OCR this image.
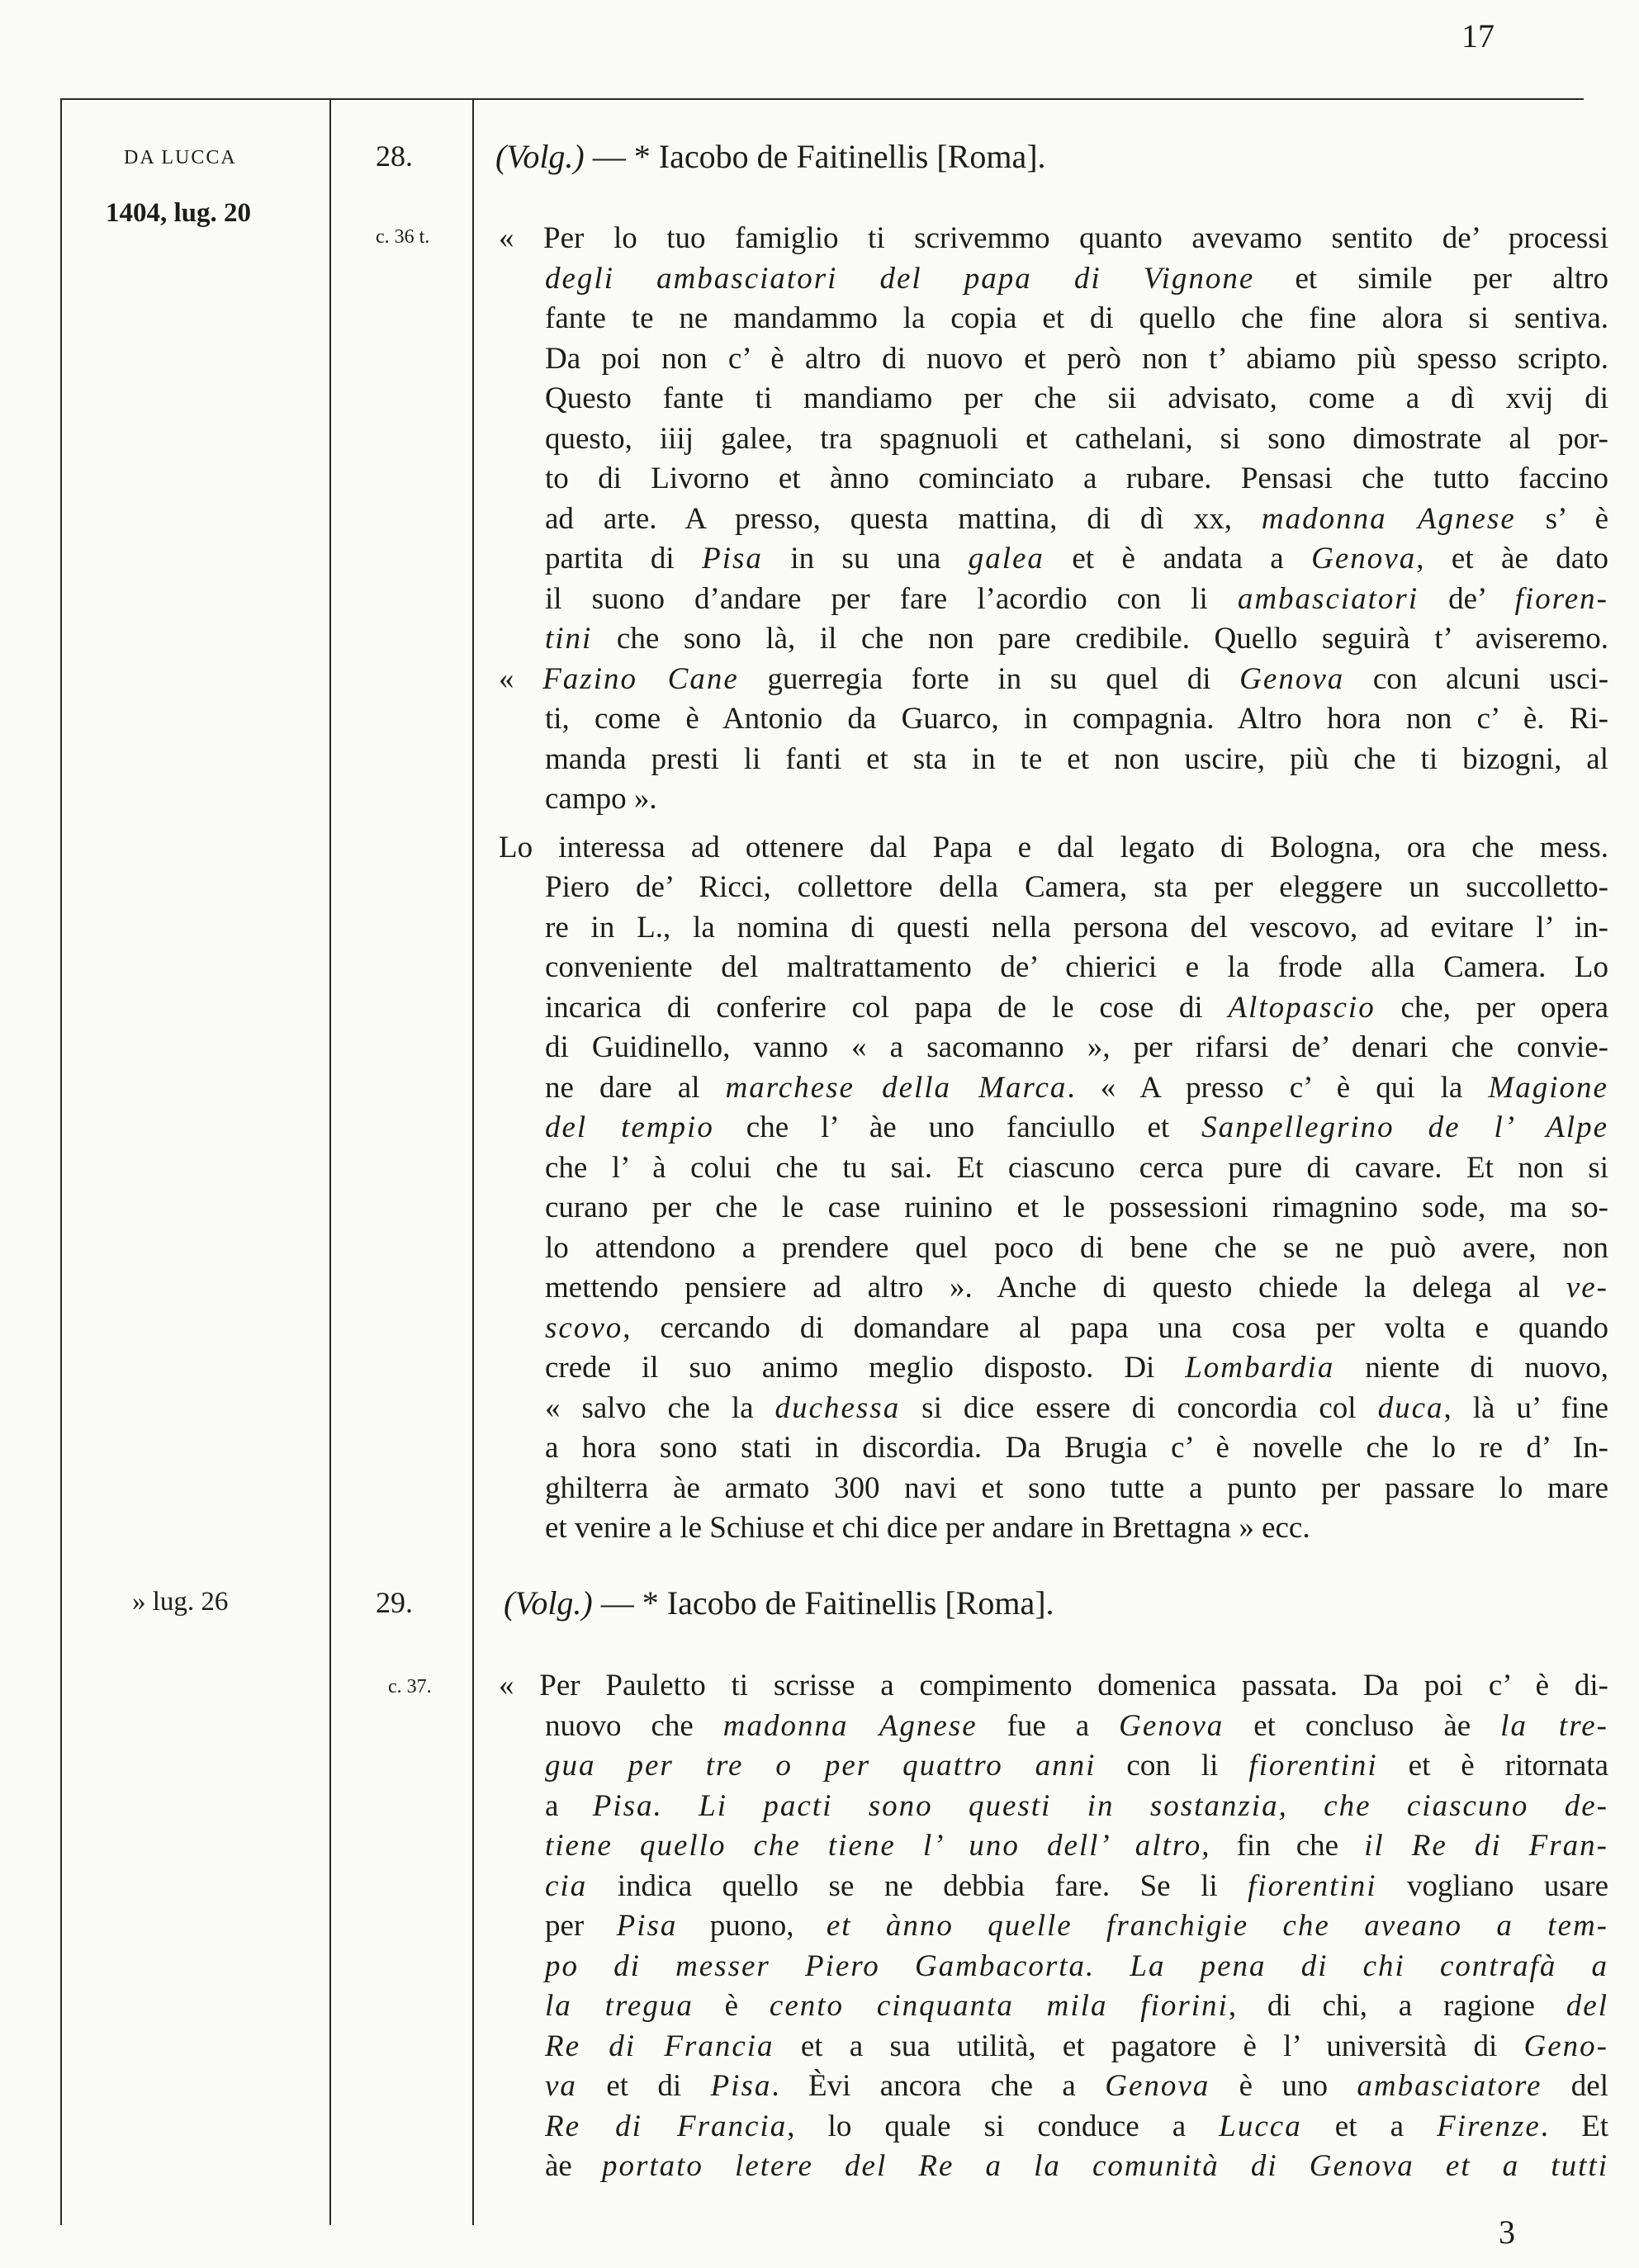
17
DA LUCCA
1404, lug. 20
28.
c. 36 t.
(Volg.) — * Iacobo de Faitinellis [Roma].
« Per lo tuo famiglio ti scrivemmo quanto avevamo sentito de’ processi
degli ambasciatori del papa di Vignone et simile per altro
fante te ne mandammo la copia et di quello che fine alora si sentiva.
Da poi non c’ è altro di nuovo et però non t’ abiamo più spesso scripto.
Questo fante ti mandiamo per che sii advisato, come a dì xvij di
questo, iiij galee, tra spagnuoli et cathelani, si sono dimostrate al por-
to di Livorno et ànno cominciato a rubare. Pensasi che tutto faccino
ad arte. A presso, questa mattina, di dì xx, madonna Agnese s’ è
partita di Pisa in su una galea et è andata a Genova, et àe dato
il suono d’andare per fare l’acordio con li ambasciatori de’ fioren-
tini che sono là, il che non pare credibile. Quello seguirà t’ aviseremo.
« Fazino Cane guerregia forte in su quel di Genova con alcuni usci-
ti, come è Antonio da Guarco, in compagnia. Altro hora non c’ è. Ri-
manda presti li fanti et sta in te et non uscire, più che ti bizogni, al
campo ».
Lo interessa ad ottenere dal Papa e dal legato di Bologna, ora che mess.
Piero de’ Ricci, collettore della Camera, sta per eleggere un succolletto-
re in L., la nomina di questi nella persona del vescovo, ad evitare l’ in-
conveniente del maltrattamento de’ chierici e la frode alla Camera. Lo
incarica di conferire col papa de le cose di Altopascio che, per opera
di Guidinello, vanno « a sacomanno », per rifarsi de’ denari che convie-
ne dare al marchese della Marca. « A presso c’ è qui la Magione
del tempio che l’ àe uno fanciullo et Sanpellegrino de l’ Alpe
che l’ à colui che tu sai. Et ciascuno cerca pure di cavare. Et non si
curano per che le case ruinino et le possessioni rimagnino sode, ma so-
lo attendono a prendere quel poco di bene che se ne può avere, non
mettendo pensiere ad altro ». Anche di questo chiede la delega al ve-
scovo, cercando di domandare al papa una cosa per volta e quando
crede il suo animo meglio disposto. Di Lombardia niente di nuovo,
« salvo che la duchessa si dice essere di concordia col duca, là u’ fine
a hora sono stati in discordia. Da Brugia c’ è novelle che lo re d’ In-
ghilterra àe armato 300 navi et sono tutte a punto per passare lo mare
et venire a le Schiuse et chi dice per andare in Brettagna » ecc.
» lug. 26	29.
c. 37.
(Volg.) — * Iacobo de Faitinellis [Roma].
« Per Pauletto ti scrisse a compimento domenica passata. Da poi c’ è di-
nuovo che madonna Agnese fue a Genova et concluso àe la tre-
gua per tre o per quattro anni con li fiorentini et è ritornata
a Pisa. Li pacti sono questi in sostanzia, che ciascuno de-
tiene quello che tiene l’ uno dell’ altro, fin che il Re di Fran-
cia indica quello se ne debbia fare. Se li fiorentini vogliano usare
per Pisa puono, et ànno quelle franchigie che aveano a tem-
po di messer Piero Gambacorta. La pena di chi contrafà a
la tregua è cento cinquanta mila fiorini, di chi, a ragione del
Re di Francia et a sua utilità, et pagatore è l’ università di Geno-
va et di Pisa. Èvi ancora che a Genova è uno ambasciatore del
Re di Francia, lo quale si conduce a Lucca et a Firenze. Et
àe portato letere del Re a la comunità di Genova et a tutti
3
